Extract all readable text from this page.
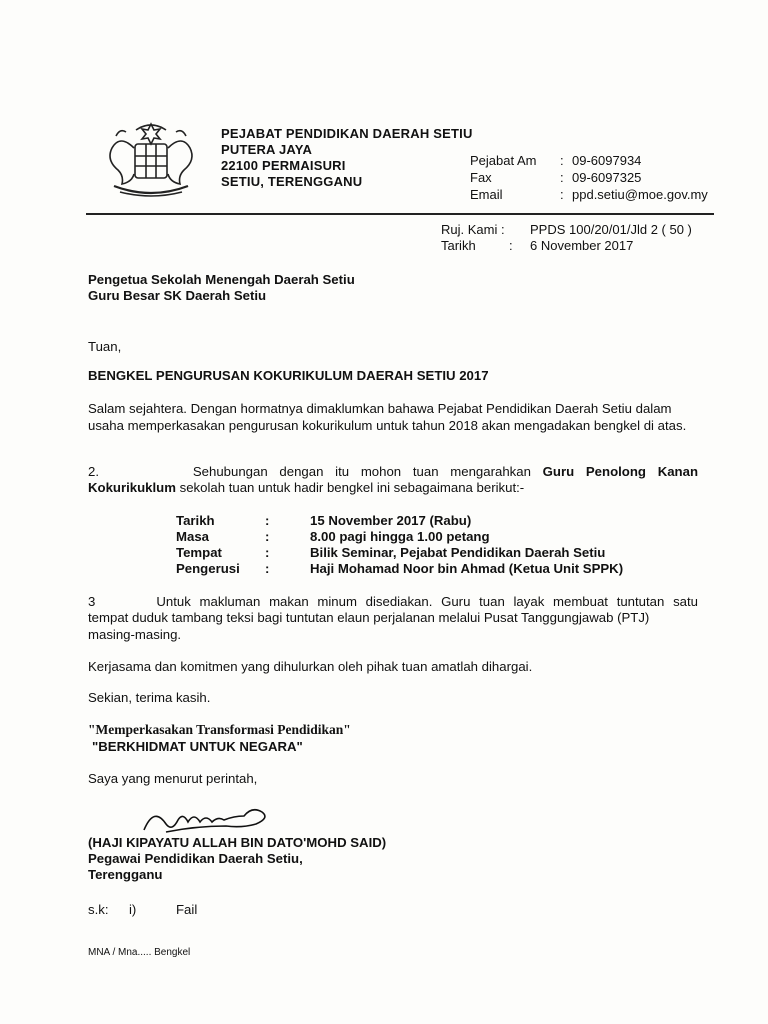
PEJABAT PENDIDIKAN DAERAH SETIU
PUTERA JAYA
22100 PERMAISURI
SETIU, TERENGGANU
Pejabat Am : 09-6097934
Fax	: 09-6097325
Email	: ppd.setiu@moe.gov.my
Ruj. Kami : PPDS 100/20/01/Jld 2 ( 50 )
Tarikh	: 6 November 2017
Pengetua Sekolah Menengah Daerah Setiu
Guru Besar SK Daerah Setiu
Tuan,
BENGKEL PENGURUSAN KOKURIKULUM DAERAH SETIU 2017
Salam sejahtera. Dengan hormatnya dimaklumkan bahawa Pejabat Pendidikan Daerah Setiu dalam usaha memperkasakan pengurusan kokurikulum untuk tahun 2018 akan mengadakan bengkel di atas.
2.	Sehubungan dengan itu mohon tuan mengarahkan Guru Penolong Kanan
Kokurikuklum sekolah tuan untuk hadir bengkel ini sebagaimana berikut:-
Tarikh	:	15 November 2017 (Rabu)
Masa	:	8.00 pagi hingga 1.00 petang
Tempat	:	Bilik Seminar, Pejabat Pendidikan Daerah Setiu
Pengerusi :	Haji Mohamad Noor bin Ahmad (Ketua Unit SPPK)
3	Untuk makluman makan minum disediakan. Guru tuan layak membuat tuntutan satu
tempat duduk tambang teksi bagi tuntutan elaun perjalanan melalui Pusat Tanggungjawab (PTJ) masing-masing.
Kerjasama dan komitmen yang dihulurkan oleh pihak tuan amatlah dihargai.
Sekian, terima kasih.
"Memperkasakan Transformasi Pendidikan"
"BERKHIDMAT UNTUK NEGARA"
Saya yang menurut perintah,
(HAJI KIPAYATU ALLAH BIN DATO'MOHD SAID)
Pegawai Pendidikan Daerah Setiu,
Terengganu
s.k: i)	Fail
MNA / Mna..... Bengkel
